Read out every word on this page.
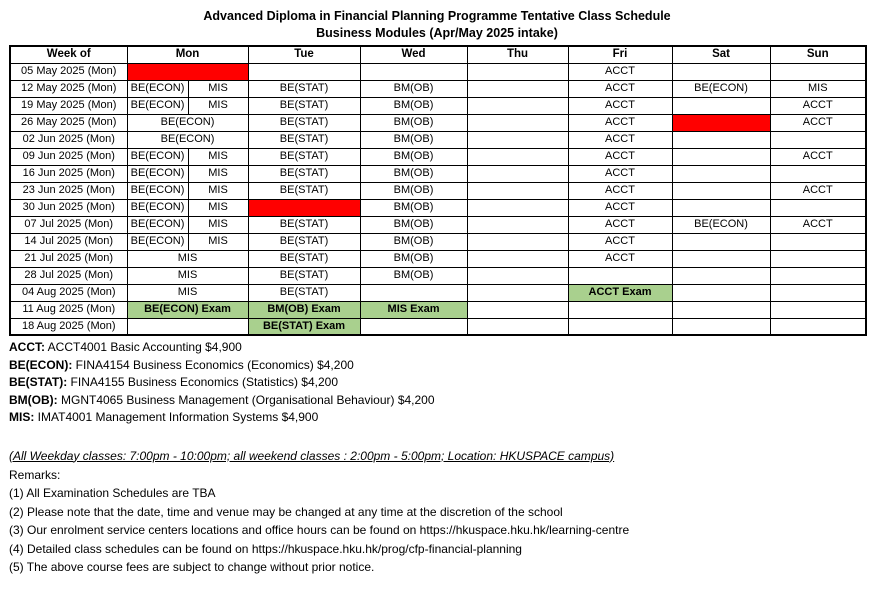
Advanced Diploma in Financial Planning Programme Tentative Class Schedule
Business Modules (Apr/May 2025 intake)
Week of	Mon		Tue	Wed	Thu	Fri	Sat	Sun
05 May 2025 (Mon)						ACCT		
12 May 2025 (Mon)	BE(ECON)	MIS	BE(STAT)	BM(OB)		ACCT	BE(ECON)	MIS
19 May 2025 (Mon)	BE(ECON)	MIS	BE(STAT)	BM(OB)		ACCT		ACCT
26 May 2025 (Mon)	BE(ECON)		BE(STAT)	BM(OB)		ACCT		ACCT
02 Jun 2025 (Mon)	BE(ECON)		BE(STAT)	BM(OB)		ACCT		
09 Jun 2025 (Mon)	BE(ECON)	MIS	BE(STAT)	BM(OB)		ACCT		ACCT
16 Jun 2025 (Mon)	BE(ECON)	MIS	BE(STAT)	BM(OB)		ACCT		
23 Jun 2025 (Mon)	BE(ECON)	MIS	BE(STAT)	BM(OB)		ACCT		ACCT
30 Jun 2025 (Mon)	BE(ECON)	MIS		BM(OB)		ACCT		
07 Jul 2025 (Mon)	BE(ECON)	MIS	BE(STAT)	BM(OB)		ACCT	BE(ECON)	ACCT
14 Jul 2025 (Mon)	BE(ECON)	MIS	BE(STAT)	BM(OB)		ACCT		
21 Jul 2025 (Mon)	MIS		BE(STAT)	BM(OB)		ACCT		
28 Jul 2025 (Mon)	MIS		BE(STAT)	BM(OB)				
04 Aug 2025 (Mon)	MIS		BE(STAT)			ACCT Exam		
11 Aug 2025 (Mon)	BE(ECON) Exam		BM(OB) Exam	MIS Exam				
18 Aug 2025 (Mon)			BE(STAT) Exam					
ACCT: ACCT4001 Basic Accounting $4,900
BE(ECON): FINA4154 Business Economics (Economics) $4,200
BE(STAT): FINA4155 Business Economics (Statistics) $4,200
BM(OB): MGNT4065 Business Management (Organisational Behaviour) $4,200
MIS: IMAT4001 Management Information Systems $4,900
(All Weekday classes: 7:00pm - 10:00pm; all weekend classes : 2:00pm - 5:00pm; Location: HKUSPACE campus)
Remarks:
(1) All Examination Schedules are TBA
(2) Please note that the date, time and venue may be changed at any time at the discretion of the school
(3) Our enrolment service centers locations and office hours can be found on https://hkuspace.hku.hk/learning-centre
(4) Detailed class schedules can be found on https://hkuspace.hku.hk/prog/cfp-financial-planning
(5) The above course fees are subject to change without prior notice.
